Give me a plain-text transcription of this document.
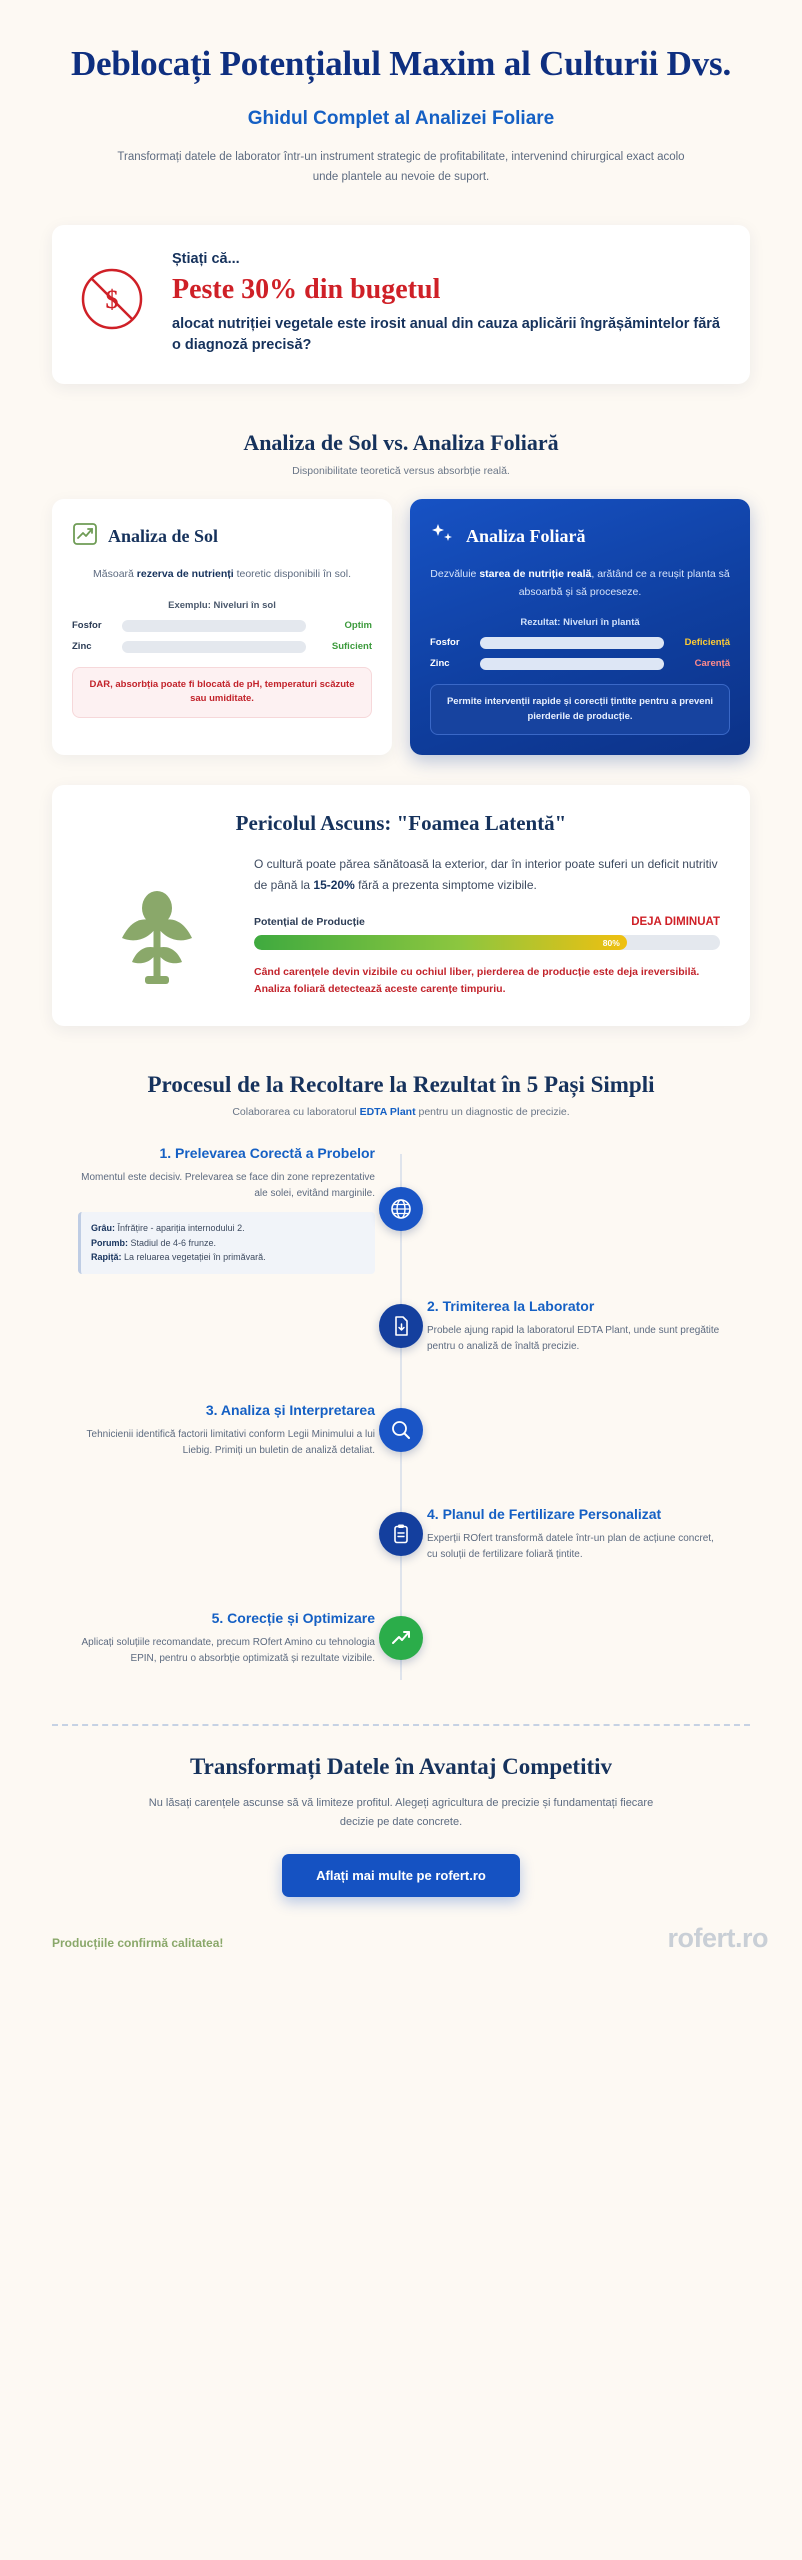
Deblocați Potențialul Maxim al Culturii Dvs.
Ghidul Complet al Analizei Foliare

Transformați datele de laborator într-un instrument strategic de profitabilitate, intervenind chirurgical exact acolo unde plantele au nevoie de suport.

$
Știați că...
Peste 30% din bugetul
alocat nutriției vegetale este irosit anual din cauza aplicării îngrășămintelor fără o diagnoză precisă?
Analiza de Sol vs. Analiza Foliară

Disponibilitate teoretică versus absorbție reală.

Analiza de Sol

Măsoară rezerva de nutrienți teoretic disponibili în sol.

Exemplu: Niveluri în sol
Fosfor	Optim
Zinc	Suficient
DAR, absorbția poate fi blocată de pH, temperaturi scăzute sau umiditate.
Analiza Foliară

Dezvăluie starea de nutriție reală, arătând ce a reușit planta să absoarbă și să proceseze.

Rezultat: Niveluri în plantă
Fosfor	Deficiență
Zinc	Carență
Permite intervenții rapide și corecții țintite pentru a preveni pierderile de producție.
Pericolul Ascuns: "Foamea Latentă"

O cultură poate părea sănătoasă la exterior, dar în interior poate suferi un deficit nutritiv de până la 15-20% fără a prezenta simptome vizibile.

Potențial de Producție	DEJA DIMINUAT
80%

Când carențele devin vizibile cu ochiul liber, pierderea de producție este deja ireversibilă. Analiza foliară detectează aceste carențe timpuriu.

Procesul de la Recoltare la Rezultat în 5 Pași Simpli

Colaborarea cu laboratorul EDTA Plant pentru un diagnostic de precizie.

1. Prelevarea Corectă a Probelor

Momentul este decisiv. Prelevarea se face din zone reprezentative ale solei, evitând marginile.

Grâu: Înfrățire - apariția internodului 2.
Porumb: Stadiul de 4-6 frunze.
Rapiță: La reluarea vegetației în primăvară.
2. Trimiterea la Laborator

Probele ajung rapid la laboratorul EDTA Plant, unde sunt pregătite pentru o analiză de înaltă precizie.

3. Analiza și Interpretarea

Tehnicienii identifică factorii limitativi conform Legii Minimului a lui Liebig. Primiți un buletin de analiză detaliat.

4. Planul de Fertilizare Personalizat

Experții ROfert transformă datele într-un plan de acțiune concret, cu soluții de fertilizare foliară țintite.

5. Corecție și Optimizare

Aplicați soluțiile recomandate, precum ROfert Amino cu tehnologia EPIN, pentru o absorbție optimizată și rezultate vizibile.

Transformați Datele în Avantaj Competitiv

Nu lăsați carențele ascunse să vă limiteze profitul. Alegeți agricultura de precizie și fundamentați fiecare decizie pe date concrete.

Aflați mai multe pe rofert.ro
Producțiile confirmă calitatea!	rofert.ro
